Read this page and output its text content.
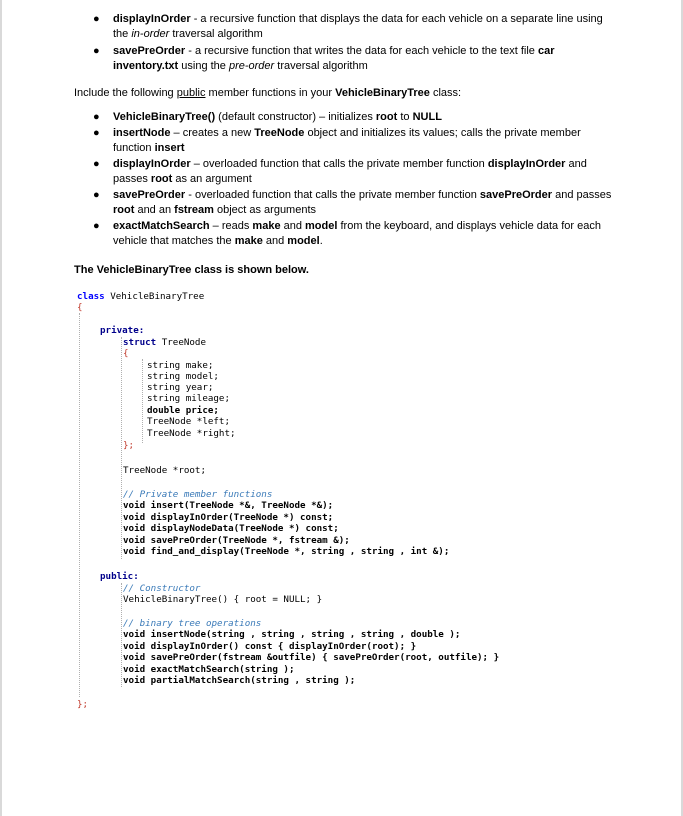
● displayInOrder - a recursive function that displays the data for each vehicle on a separate line using the in-order traversal algorithm
● savePreOrder - a recursive function that writes the data for each vehicle to the text file car inventory.txt using the pre-order traversal algorithm
Include the following public member functions in your VehicleBinaryTree class:
● VehicleBinaryTree() (default constructor) – initializes root to NULL
● insertNode – creates a new TreeNode object and initializes its values; calls the private member function insert
● displayInOrder – overloaded function that calls the private member function displayInOrder and passes root as an argument
● savePreOrder - overloaded function that calls the private member function savePreOrder and passes root and an fstream object as arguments
● exactMatchSearch – reads make and model from the keyboard, and displays vehicle data for each vehicle that matches the make and model.
The VehicleBinaryTree class is shown below.
class VehicleBinaryTree
{
private:
struct TreeNode
{
string make;
string model;
string year;
string mileage;
double price;
TreeNode *left;
TreeNode *right;
};
TreeNode *root;
// Private member functions
void insert(TreeNode *&, TreeNode *&);
void displayInOrder(TreeNode *) const;
void displayNodeData(TreeNode *) const;
void savePreOrder(TreeNode *, fstream &);
void find_and_display(TreeNode *, string , string , int &);
public:
// Constructor
VehicleBinaryTree() { root = NULL; }
// binary tree operations
void insertNode(string , string , string , string , double );
void displayInOrder() const { displayInOrder(root); }
void savePreOrder(fstream &outfile) { savePreOrder(root, outfile); }
void exactMatchSearch(string );
void partialMatchSearch(string , string );
};
